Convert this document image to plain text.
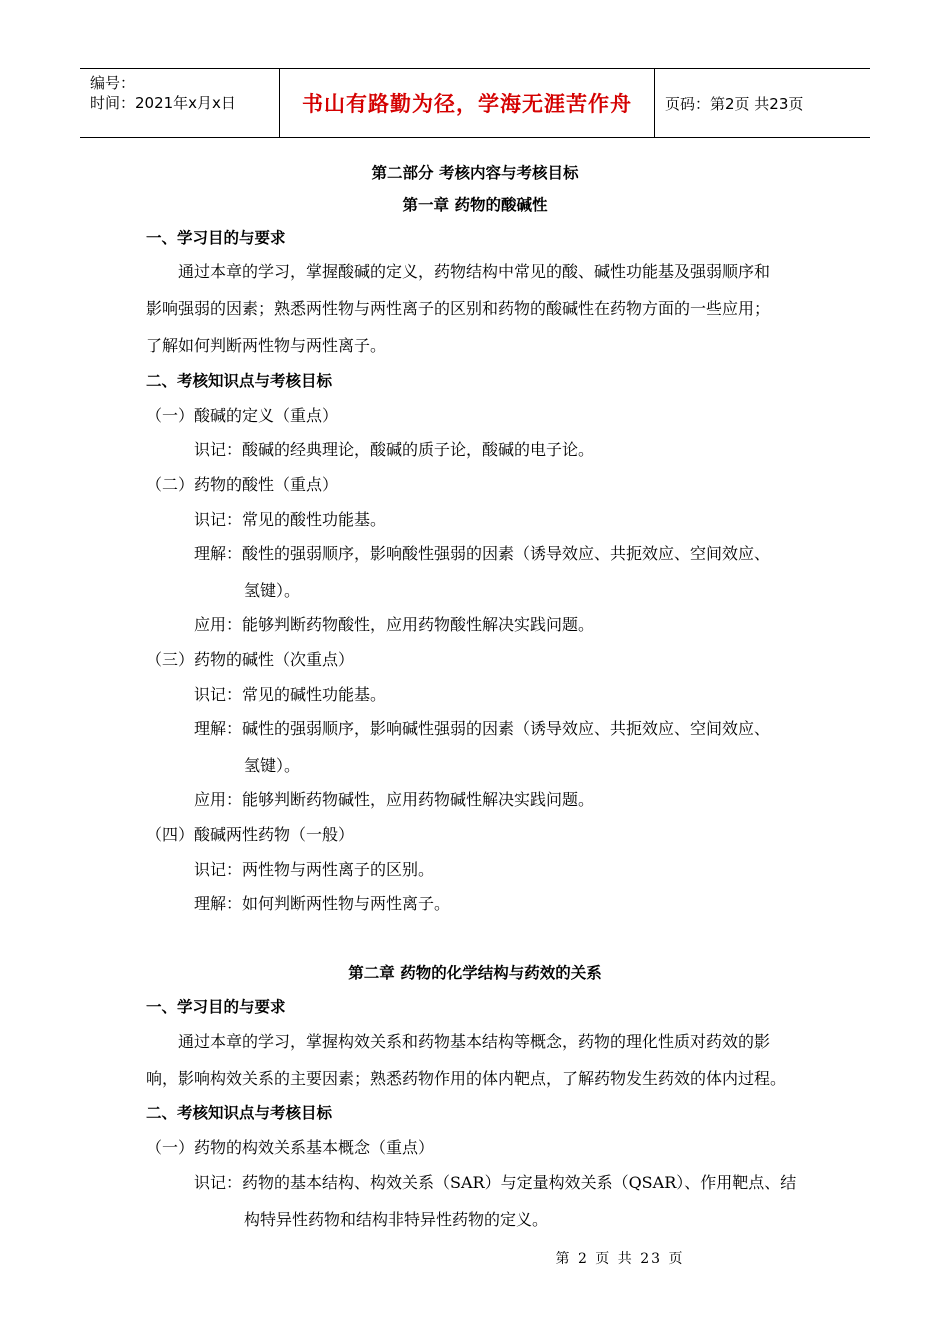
编号：
时间：2021年x月x日	书山有路勤为径，学海无涯苦作舟	页码：第2页 共23页
第二部分 考核内容与考核目标
第一章 药物的酸碱性
一、学习目的与要求
通过本章的学习，掌握酸碱的定义，药物结构中常见的酸、碱性功能基及强弱顺序和
影响强弱的因素；熟悉两性物与两性离子的区别和药物的酸碱性在药物方面的一些应用；
了解如何判断两性物与两性离子。
二、考核知识点与考核目标
（一）酸碱的定义（重点）
识记：酸碱的经典理论，酸碱的质子论，酸碱的电子论。
（二）药物的酸性（重点）
识记：常见的酸性功能基。
理解：酸性的强弱顺序，影响酸性强弱的因素（诱导效应、共扼效应、空间效应、
氢键）。
应用：能够判断药物酸性，应用药物酸性解决实践问题。
（三）药物的碱性（次重点）
识记：常见的碱性功能基。
理解：碱性的强弱顺序，影响碱性强弱的因素（诱导效应、共扼效应、空间效应、
氢键）。
应用：能够判断药物碱性，应用药物碱性解决实践问题。
（四）酸碱两性药物（一般）
识记：两性物与两性离子的区别。
理解：如何判断两性物与两性离子。
第二章 药物的化学结构与药效的关系
一、学习目的与要求
通过本章的学习，掌握构效关系和药物基本结构等概念，药物的理化性质对药效的影
响，影响构效关系的主要因素；熟悉药物作用的体内靶点，了解药物发生药效的体内过程。
二、考核知识点与考核目标
（一）药物的构效关系基本概念（重点）
识记：药物的基本结构、构效关系（SAR）与定量构效关系（QSAR）、作用靶点、结
构特异性药物和结构非特异性药物的定义。
第 2 页 共 23 页
